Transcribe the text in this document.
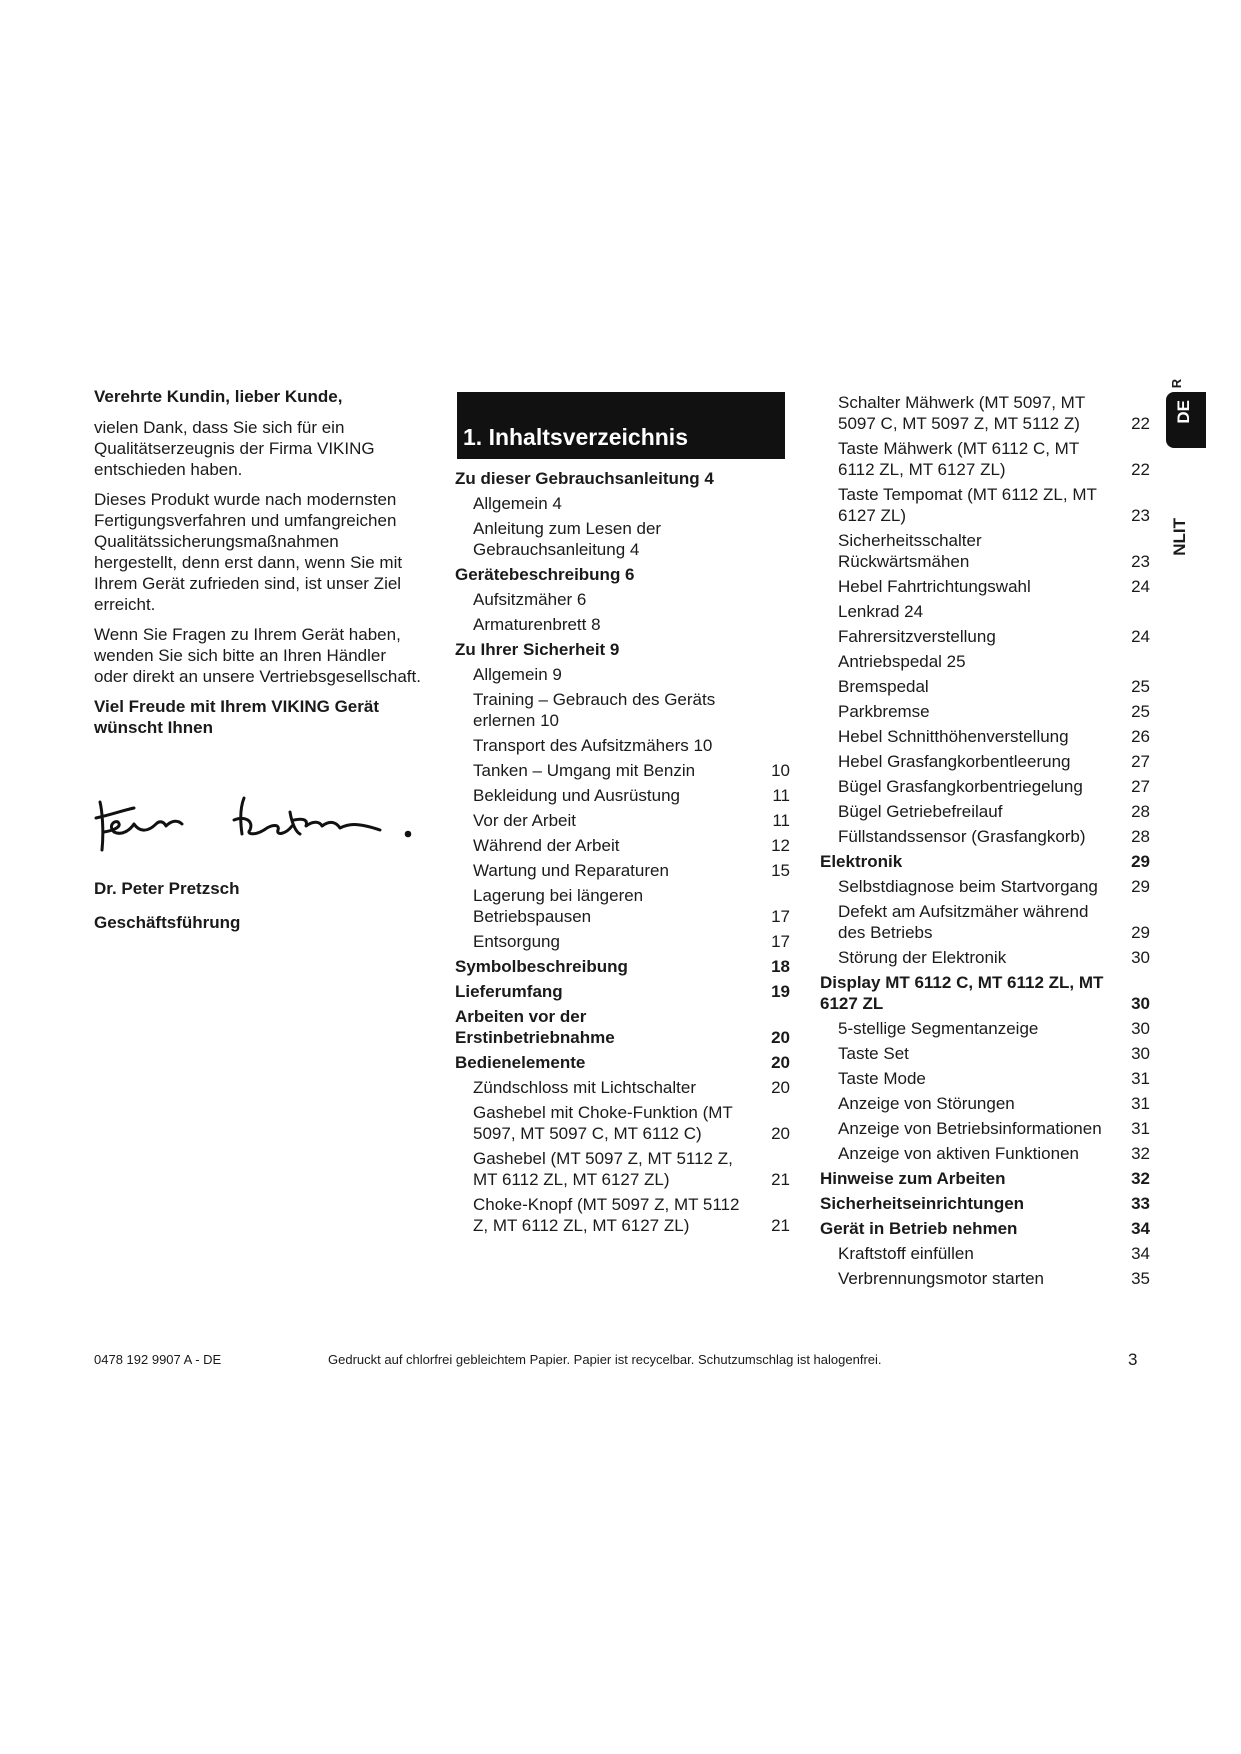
Verehrte Kundin, lieber Kunde,

vielen Dank, dass Sie sich für ein Qualitätserzeugnis der Firma VIKING entschieden haben.

Dieses Produkt wurde nach modernsten Fertigungsverfahren und umfangreichen Qualitätssicherungsmaßnahmen hergestellt, denn erst dann, wenn Sie mit Ihrem Gerät zufrieden sind, ist unser Ziel erreicht.

Wenn Sie Fragen zu Ihrem Gerät haben, wenden Sie sich bitte an Ihren Händler oder direkt an unsere Vertriebsgesellschaft.

Viel Freude mit Ihrem VIKING Gerät wünscht Ihnen

Dr. Peter Pretzsch
Geschäftsführung
1. Inhaltsverzeichnis
Zu dieser Gebrauchsanleitung 4
Allgemein 4
Anleitung zum Lesen der Gebrauchsanleitung 4
Gerätebeschreibung 6
Aufsitzmäher 6
Armaturenbrett 8
Zu Ihrer Sicherheit 9
Allgemein 9
Training – Gebrauch des Geräts erlernen 10
Transport des Aufsitzmähers 10
Tanken – Umgang mit Benzin	10
Bekleidung und Ausrüstung	11
Vor der Arbeit	11
Während der Arbeit	12
Wartung und Reparaturen	15
Lagerung bei längeren Betriebspausen	17
Entsorgung	17
Symbolbeschreibung	18
Lieferumfang	19
Arbeiten vor der Erstinbetriebnahme	20
Bedienelemente	20
Zündschloss mit Lichtschalter	20
Gashebel mit Choke-Funktion (MT 5097, MT 5097 C, MT 6112 C)	20
Gashebel (MT 5097 Z, MT 5112 Z, MT 6112 ZL, MT 6127 ZL)	21
Choke-Knopf (MT 5097 Z, MT 5112 Z, MT 6112 ZL, MT 6127 ZL)	21
Schalter Mähwerk (MT 5097, MT 5097 C, MT 5097 Z, MT 5112 Z)	22
Taste Mähwerk (MT 6112 C, MT 6112 ZL, MT 6127 ZL)	22
Taste Tempomat (MT 6112 ZL, MT 6127 ZL)	23
Sicherheitsschalter Rückwärtsmähen	23
Hebel Fahrtrichtungswahl	24
Lenkrad 24
Fahrersitzverstellung	24
Antriebspedal 25
Bremspedal	25
Parkbremse	25
Hebel Schnitthöhenverstellung	26
Hebel Grasfangkorbentleerung	27
Bügel Grasfangkorbentriegelung	27
Bügel Getriebefreilauf	28
Füllstandssensor (Grasfangkorb)	28
Elektronik	29
Selbstdiagnose beim Startvorgang	29
Defekt am Aufsitzmäher während des Betriebs	29
Störung der Elektronik	30
Display MT 6112 C, MT 6112 ZL, MT 6127 ZL	30
5-stellige Segmentanzeige	30
Taste Set	30
Taste Mode	31
Anzeige von Störungen	31
Anzeige von Betriebsinformationen	31
Anzeige von aktiven Funktionen	32
Hinweise zum Arbeiten	32
Sicherheitseinrichtungen	33
Gerät in Betrieb nehmen	34
Kraftstoff einfüllen	34
Verbrennungsmotor starten	35
R
DE
NLIT
0478 192 9907 A - DE	Gedruckt auf chlorfrei gebleichtem Papier. Papier ist recycelbar. Schutzumschlag ist halogenfrei.	3
